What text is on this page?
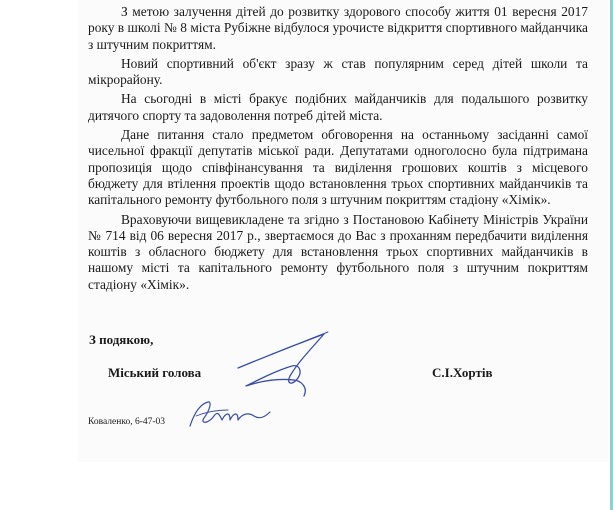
З метою залучення дітей до розвитку здорового способу життя 01 вересня 2017 року в школі № 8 міста Рубіжне відбулося урочисте відкриття спортивного майданчика з штучним покриттям.

Новий спортивний об'єкт зразу ж став популярним серед дітей школи та мікрорайону.

На сьогодні в місті бракує подібних майданчиків для подальшого розвитку дитячого спорту та задоволення потреб дітей міста.

Дане питання стало предметом обговорення на останньому засіданні самої чисельної фракції депутатів міської ради. Депутатами одноголосно була підтримана пропозиція щодо співфінансування та виділення грошових коштів з місцевого бюджету для втілення проектів щодо встановлення трьох спортивних майданчиків та капітального ремонту футбольного поля з штучним покриттям стадіону «Хімік».

Враховуючи вищевикладене та згідно з Постановою Кабінету Міністрів України № 714 від 06 вересня 2017 р., звертаємося до Вас з проханням передбачити виділення коштів з обласного бюджету для встановлення трьох спортивних майданчиків в нашому місті та капітального ремонту футбольного поля з штучним покриттям стадіону «Хімік».

З подякою,
Міський голова	С.І.Хортів
Коваленко, 6-47-03
